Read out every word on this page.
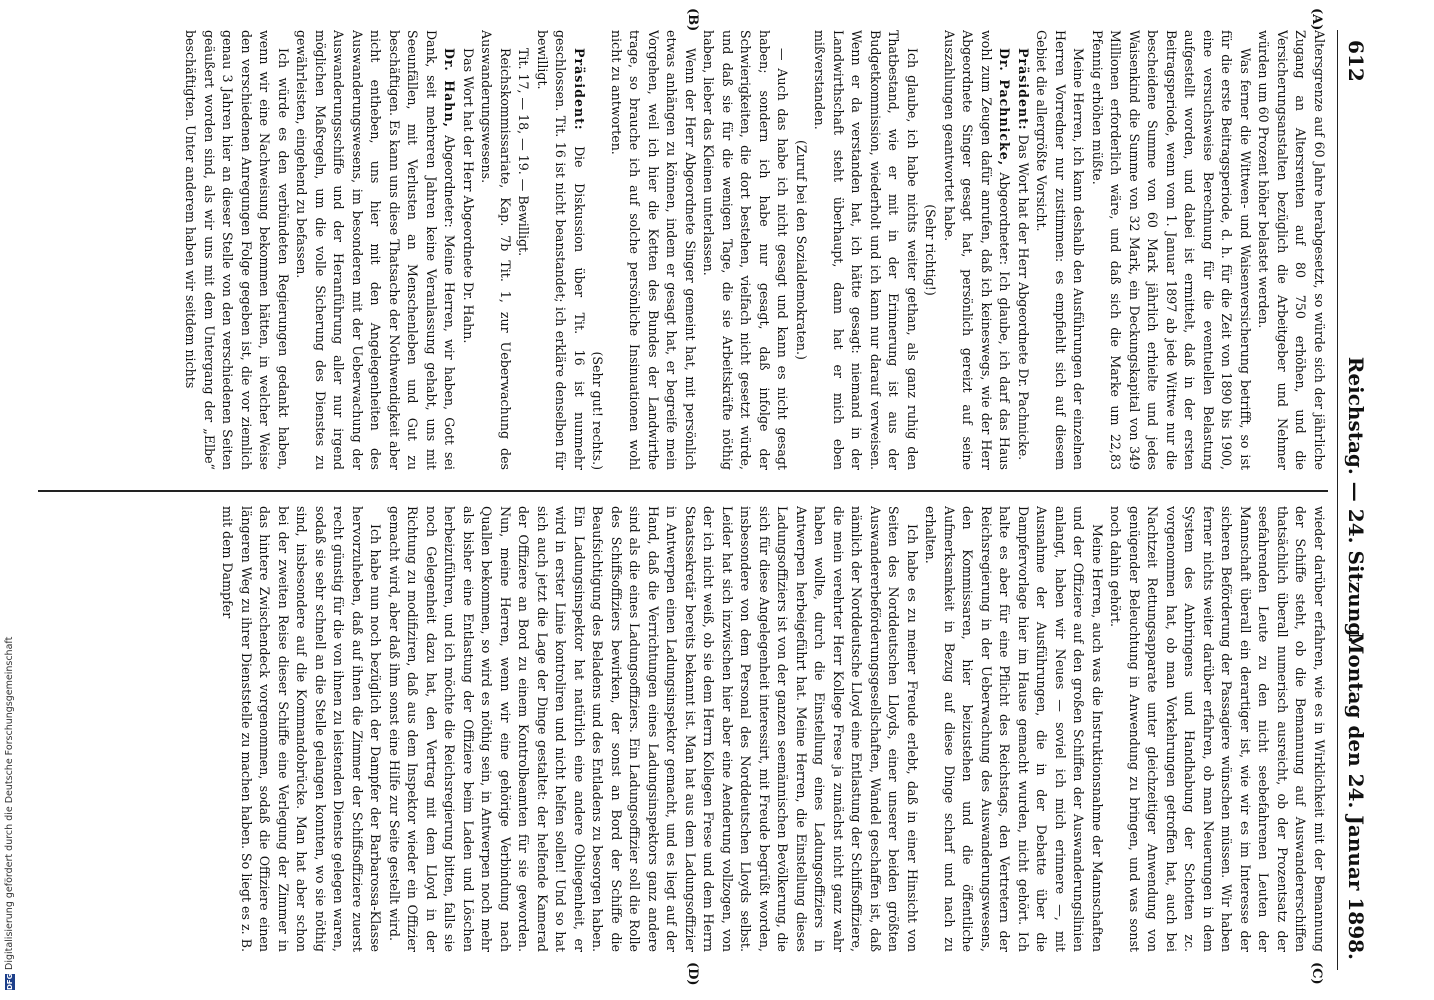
612
Reichstag. — 24. Sitzung.
Montag den 24. Januar 1898.
(A)
(B)
(C)
(D)

Altersgrenze auf 60 Jahre herabgesetzt, so würde sich der jährliche Zugang an Altersrenten auf 80 750 erhöhen, und die Versicherungsanstalten bezüglich die Arbeitgeber und Nehmer würden um 60 Prozent höher belastet werden.

Was ferner die Wittwen- und Waisenversicherung betrifft, so ist für die erste Beitragsperiode, d. h. für die Zeit von 1890 bis 1900, eine versuchsweise Berechnung für die eventuellen Belastung aufgestellt worden, und dabei ist ermittelt, daß in der ersten Beitragsperiode, wenn vom 1. Januar 1897 ab jede Wittwe nur die bescheidene Summe von 60 Mark jährlich erhielte und jedes Waisenkind die Summe von 32 Mark, ein Deckungskapital von 349 Millionen erforderlich wäre, und daß sich die Marke um 22,83 Pfennig erhöhen müßte.

Meine Herren, ich kann deshalb den Ausführungen der einzelnen Herren Vorredner nur zustimmen: es empfiehlt sich auf diesem Gebiet die allergrößte Vorsicht.

Präsident: Das Wort hat der Herr Abgeordnete Dr. Pachnicke.

Dr. Pachnicke, Abgeordneter: Ich glaube, ich darf das Haus wohl zum Zeugen dafür anrufen, daß ich keineswegs, wie der Herr Abgeordnete Singer gesagt hat, persönlich gereizt auf seine Auszahlungen geantwortet habe.

(Sehr richtig!)

Ich glaube, ich habe nichts weiter gethan, als ganz ruhig den Thatbestand, wie er mit in der Erinnerung ist aus der Budgetkommission, wiederholt und ich kann nur darauf verweisen. Wenn er da verstanden hat, ich hätte gesagt: niemand in der Landwirthschaft steht überhaupt, dann hat er mich eben mißverstanden.

(Zuruf bei den Sozialdemokraten.)

— Auch das habe ich nicht gesagt und kann es nicht gesagt haben; sondern ich habe nur gesagt, daß infolge der Schwierigkeiten, die dort bestehen, vielfach nicht gesetzt würde, und daß sie für die wenigen Tage, die sie Arbeitskräfte nöthig haben, lieber das Kleinen unterlassen.

Wenn der Herr Abgeordnete Singer gemeint hat, mit persönlich etwas anhängen zu können, indem er gesagt hat, er begreife mein Vorgehen, weil ich hier die Ketten des Bundes der Landwirthe trage, so brauche ich auf solche persönliche Insinuationen wohl nicht zu antworten.

(Sehr gut! rechts.)

Präsident: Die Diskussion über Tit. 16 ist nunmehr geschlossen. Tit. 16 ist nicht beanstandet; ich erkläre denselben für bewilligt.

Tit. 17, — 18, — 19. — Bewilligt.

Reichskommissariate, Kap. 7b Tit. 1, zur Ueberwachung des Auswanderungswesens.

Das Wort hat der Herr Abgeordnete Dr. Hahn.

Dr. Hahn, Abgeordneter: Meine Herren, wir haben, Gott sei Dank, seit mehreren Jahren keine Veranlassung gehabt, uns mit Seeunfällen, mit Verlusten an Menschenleben und Gut zu beschäftigen. Es kann uns diese Thatsache der Nothwendigkeit aber nicht entheben, uns hier mit den Angelegenheiten des Auswanderungswesens, im besonderen mit der Ueberwachung der Auswanderungsschiffe und der Heranführung aller nur irgend möglichen Maßregeln, um die volle Sicherung des Dienstes zu gewährleisten, eingehend zu befassen.

Ich würde es den verbündeten Regierungen gedankt haben, wenn wir eine Nachweisung bekommen hätten, in welcher Weise den verschiedenen Anregungen Folge gegeben ist, die vor ziemlich genau 3 Jahren hier an dieser Stelle von den verschiedenen Seiten geäußert worden sind, als wir uns mit dem Untergang der „Elbe“ beschäftigten. Unter anderem haben wir seitdem nichts

wieder darüber erfahren, wie es in Wirklichkeit mit der Bemannung der Schiffe steht, ob die Bemannung auf Auswandererschiffen thatsächlich überall numerisch ausreicht, ob der Prozentsatz der seefahrenden Leute zu den nicht seebefahrenen Leuten der Mannschaft überall ein derartiger ist, wie wir es im Interesse der sicheren Beförderung der Passagiere wünschen müssen. Wir haben ferner nichts weiter darüber erfahren, ob man Neuerungen in dem System des Anbringens und Handhabung der Schotten zc. vorgenommen hat, ob man Vorkehrungen getroffen hat, auch bei Nachtzeit Rettungsapparate unter gleichzeitiger Anwendung von genügender Beleuchtung in Anwendung zu bringen, und was sonst noch dahin gehört.

Meine Herren, auch was die Instruktionsnahme der Mannschaften und der Offiziere auf den großen Schiffen der Auswanderungslinien anlangt, haben wir Neues — soviel ich mich erinnere —, mit Ausnahme der Ausführungen, die in der Debatte über die Dampfervorlage hier im Hause gemacht wurden, nicht gehört. Ich halte es aber für eine Pflicht des Reichstags, den Vertretern der Reichsregierung in der Ueberwachung des Auswanderungswesens, den Kommissaren, hier beizustehen und die öffentliche Aufmerksamkeit in Bezug auf diese Dinge scharf und nach zu erhalten.

Ich habe es zu meiner Freude erlebt, daß in einer Hinsicht von Seiten des Norddeutschen Lloyds, einer unserer beiden größten Auswandererbeförderungsgesellschaften, Wandel geschaffen ist, daß nämlich der Norddeutsche Lloyd eine Entlastung der Schiffsoffiziere, die mein verehrter Herr Kollege Frese ja zunächst nicht ganz wahr haben wollte, durch die Einstellung eines Ladungsoffiziers in Antwerpen herbeigeführt hat. Meine Herren, die Einstellung dieses Ladungsoffiziers ist von der ganzen seemännischen Bevölkerung, die sich für diese Angelegenheit interessirt, mit Freude begrüßt worden, insbesondere von dem Personal des Norddeutschen Lloyds selbst. Leider hat sich inzwischen hier aber eine Aenderung vollzogen, von der ich nicht weiß, ob sie dem Herrn Kollegen Frese und dem Herrn Staatssekretär bereits bekannt ist. Man hat aus dem Ladungsoffizier in Antwerpen einen Ladungsinspektor gemacht, und es liegt auf der Hand, daß die Verrichtungen eines Ladungsinspektors ganz andere sind als die eines Ladungsoffiziers. Ein Ladungsoffizier soll die Rolle des Schiffsoffiziers bewirken, der sonst an Bord der Schiffe die Beaufsichtigung des Beladens und des Entladens zu besorgen haben. Ein Ladungsinspektor hat natürlich eine andere Obliegenheit, er wird in erster Linie kontroliren und nicht helfen sollen! Und so hat sich auch jetzt die Lage der Dinge gestaltet: der helfende Kamerad der Offiziere an Bord zu einem Kontrolbeamten für sie geworden. Nun, meine Herren, wenn wir eine gehörige Verbindung nach Quallen bekommen, so wird es nöthig sein, in Antwerpen noch mehr als bisher eine Entlastung der Offiziere beim Laden und Löschen herbeizuführen, und ich möchte die Reichsregierung bitten, falls sie noch Gelegenheit dazu hat, den Vertrag mit dem Lloyd in der Richtung zu modifiziren, daß aus dem Inspektor wieder ein Offizier gemacht wird, aber daß ihm sonst eine Hilfe zur Seite gestellt wird.

Ich habe nun noch bezüglich der Dampfer der Barbarossa-Klasse hervorzuheben, daß auf ihnen die Zimmer der Schiffsoffiziere zuerst recht günstig für die von ihnen zu leistenden Dienste gelegen waren, sodaß sie sehr schnell an die Stelle gelangen konnten, wo sie nöthig sind, insbesondere auf die Kommandobrücke. Man hat aber schon bei der zweiten Reise dieser Schiffe eine Verlegung der Zimmer in das hintere Zwischendeck vorgenommen, sodaß die Offiziere einen längeren Weg zu ihrer Dienststelle zu machen haben. So liegt es z. B. mit dem Dampfer

DFGDigitalisierung gefördert durch die Deutsche Forschungsgemeinschaft
